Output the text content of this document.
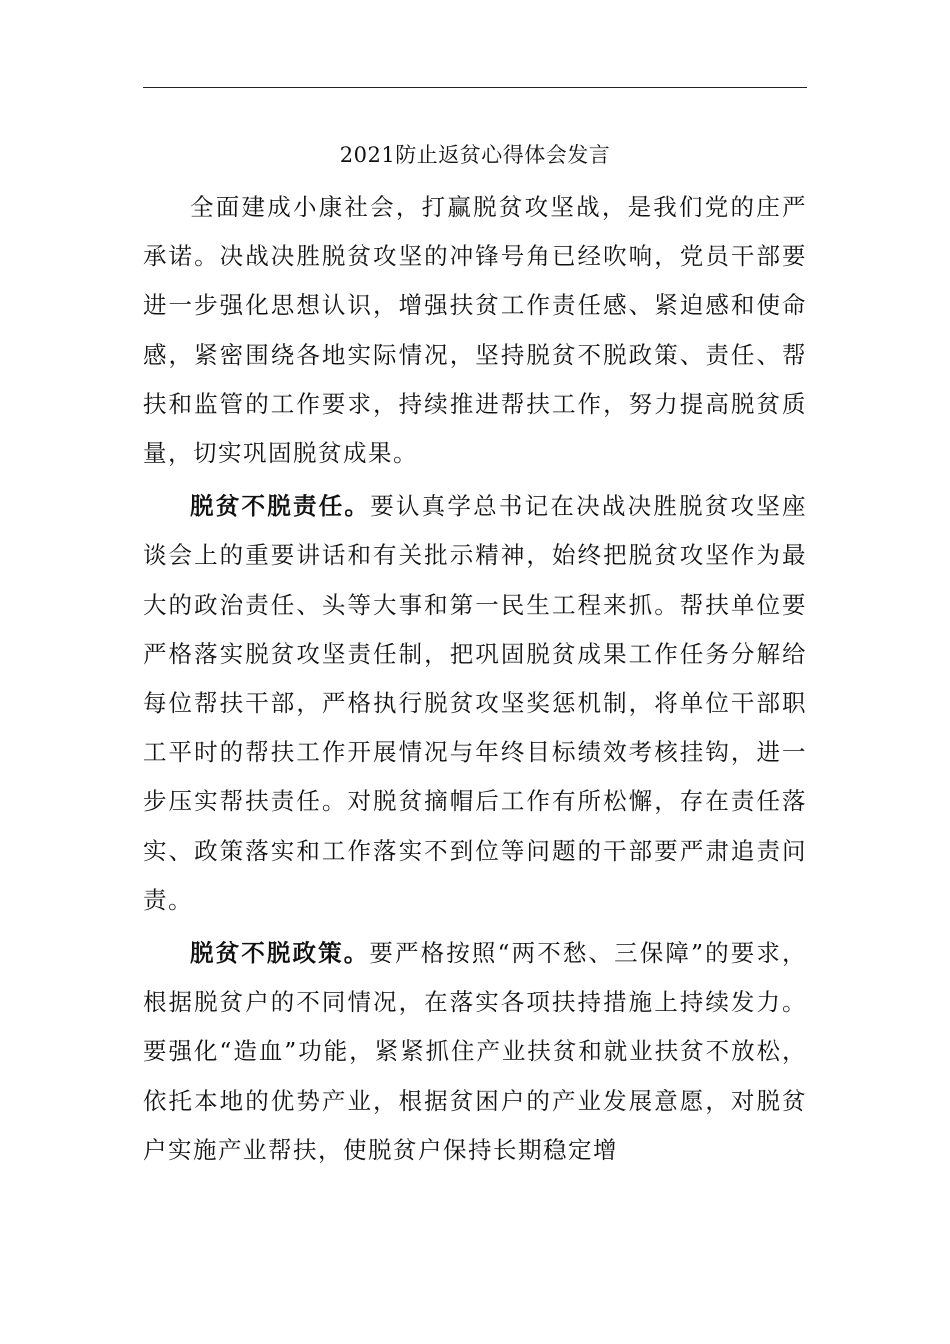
2021防止返贫心得体会发言

全面建成小康社会，打赢脱贫攻坚战，是我们党的庄严承诺。决战决胜脱贫攻坚的冲锋号角已经吹响，党员干部要进一步强化思想认识，增强扶贫工作责任感、紧迫感和使命感，紧密围绕各地实际情况，坚持脱贫不脱政策、责任、帮扶和监管的工作要求，持续推进帮扶工作，努力提高脱贫质量，切实巩固脱贫成果。

脱贫不脱责任。要认真学总书记在决战决胜脱贫攻坚座谈会上的重要讲话和有关批示精神，始终把脱贫攻坚作为最大的政治责任、头等大事和第一民生工程来抓。帮扶单位要严格落实脱贫攻坚责任制，把巩固脱贫成果工作任务分解给每位帮扶干部，严格执行脱贫攻坚奖惩机制，将单位干部职工平时的帮扶工作开展情况与年终目标绩效考核挂钩，进一步压实帮扶责任。对脱贫摘帽后工作有所松懈，存在责任落实、政策落实和工作落实不到位等问题的干部要严肃追责问责。

脱贫不脱政策。要严格按照“两不愁、三保障”的要求，根据脱贫户的不同情况，在落实各项扶持措施上持续发力。要强化“造血”功能，紧紧抓住产业扶贫和就业扶贫不放松，依托本地的优势产业，根据贫困户的产业发展意愿，对脱贫户实施产业帮扶，使脱贫户保持长期稳定增
